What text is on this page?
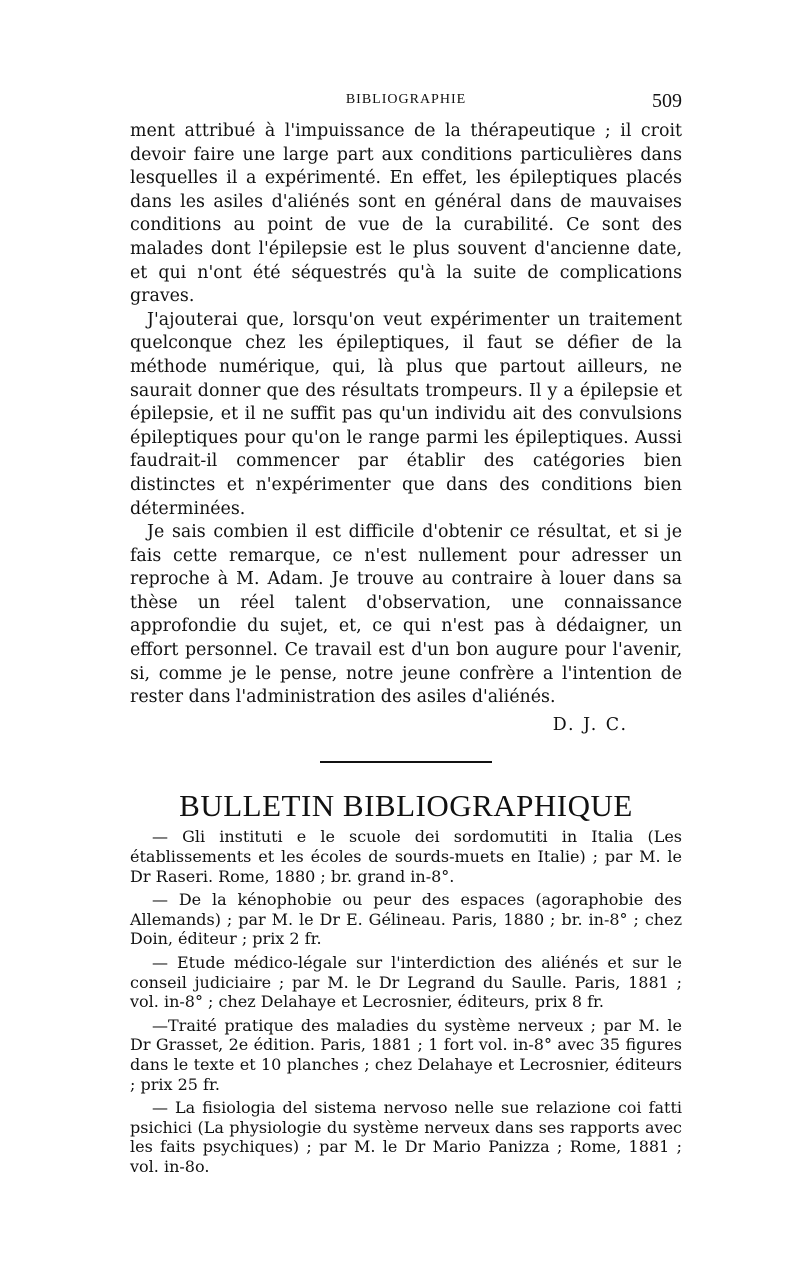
BIBLIOGRAPHIE	509

ment attribué à l'impuissance de la thérapeutique ; il croit devoir faire une large part aux conditions particulières dans lesquelles il a expérimenté. En effet, les épileptiques placés dans les asiles d'aliénés sont en général dans de mauvaises conditions au point de vue de la curabilité. Ce sont des malades dont l'épilepsie est le plus souvent d'ancienne date, et qui n'ont été séquestrés qu'à la suite de complications graves.

J'ajouterai que, lorsqu'on veut expérimenter un traitement quelconque chez les épileptiques, il faut se défier de la méthode numérique, qui, là plus que partout ailleurs, ne saurait donner que des résultats trompeurs. Il y a épilepsie et épilepsie, et il ne suffit pas qu'un individu ait des convulsions épileptiques pour qu'on le range parmi les épileptiques. Aussi faudrait-il commencer par établir des catégories bien distinctes et n'expérimenter que dans des conditions bien déterminées.

Je sais combien il est difficile d'obtenir ce résultat, et si je fais cette remarque, ce n'est nullement pour adresser un reproche à M. Adam. Je trouve au contraire à louer dans sa thèse un réel talent d'observation, une connaissance approfondie du sujet, et, ce qui n'est pas à dédaigner, un effort personnel. Ce travail est d'un bon augure pour l'avenir, si, comme je le pense, notre jeune confrère a l'intention de rester dans l'administration des asiles d'aliénés.

D. J. C.

BULLETIN BIBLIOGRAPHIQUE

— Gli instituti e le scuole dei sordomutiti in Italia (Les établissements et les écoles de sourds-muets en Italie) ; par M. le Dr Raseri. Rome, 1880 ; br. grand in-8°.

— De la kénophobie ou peur des espaces (agoraphobie des Allemands) ; par M. le Dr E. Gélineau. Paris, 1880 ; br. in-8° ; chez Doin, éditeur ; prix 2 fr.

— Etude médico-légale sur l'interdiction des aliénés et sur le conseil judiciaire ; par M. le Dr Legrand du Saulle. Paris, 1881 ; vol. in-8° ; chez Delahaye et Lecrosnier, éditeurs, prix 8 fr.

—Traité pratique des maladies du système nerveux ; par M. le Dr Grasset, 2e édition. Paris, 1881 ; 1 fort vol. in-8° avec 35 figures dans le texte et 10 planches ; chez Delahaye et Lecrosnier, éditeurs ; prix 25 fr.

— La fisiologia del sistema nervoso nelle sue relazione coi fatti psichici (La physiologie du système nerveux dans ses rapports avec les faits psychiques) ; par M. le Dr Mario Panizza ; Rome, 1881 ; vol. in-8o.
